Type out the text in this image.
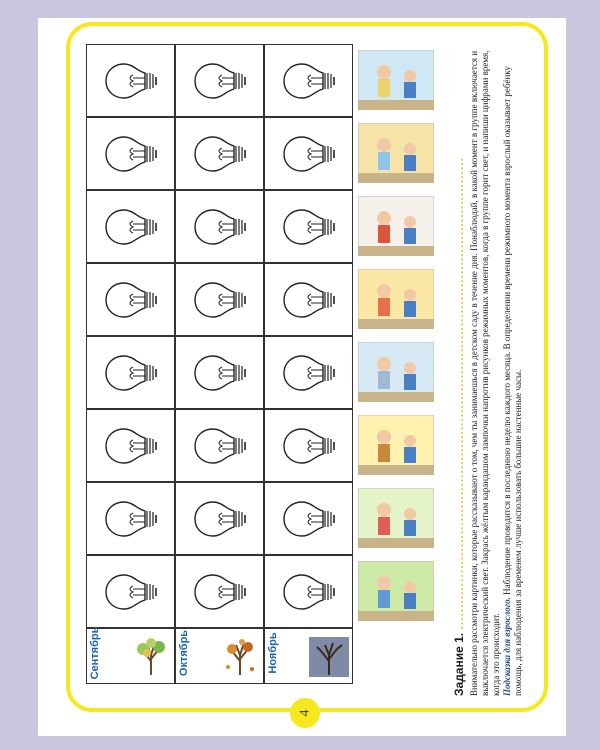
Сентябрь	Октябрь	Ноябрь	Задание 1. ............................................................................................................. Внимательно рассмотри картинки, которые рассказывают о том, чем ты занимаешься в детском саду в течение дня. Понаблюдай, в какой момент в группе включается и выключается электрический свет. Закрась жёлтым карандашом лампочки напротив рисунков режимных моментов, когда в группе горит свет, и напиши цифрами время, когда это происходит. Подсказка для взрослого. Наблюдение проводится в последнюю неделю каждого месяца. В определении времени режимного момента взрослый оказывает ребёнку помощь, для наблюдения за временем лучше использовать большие настенные часы.

4
